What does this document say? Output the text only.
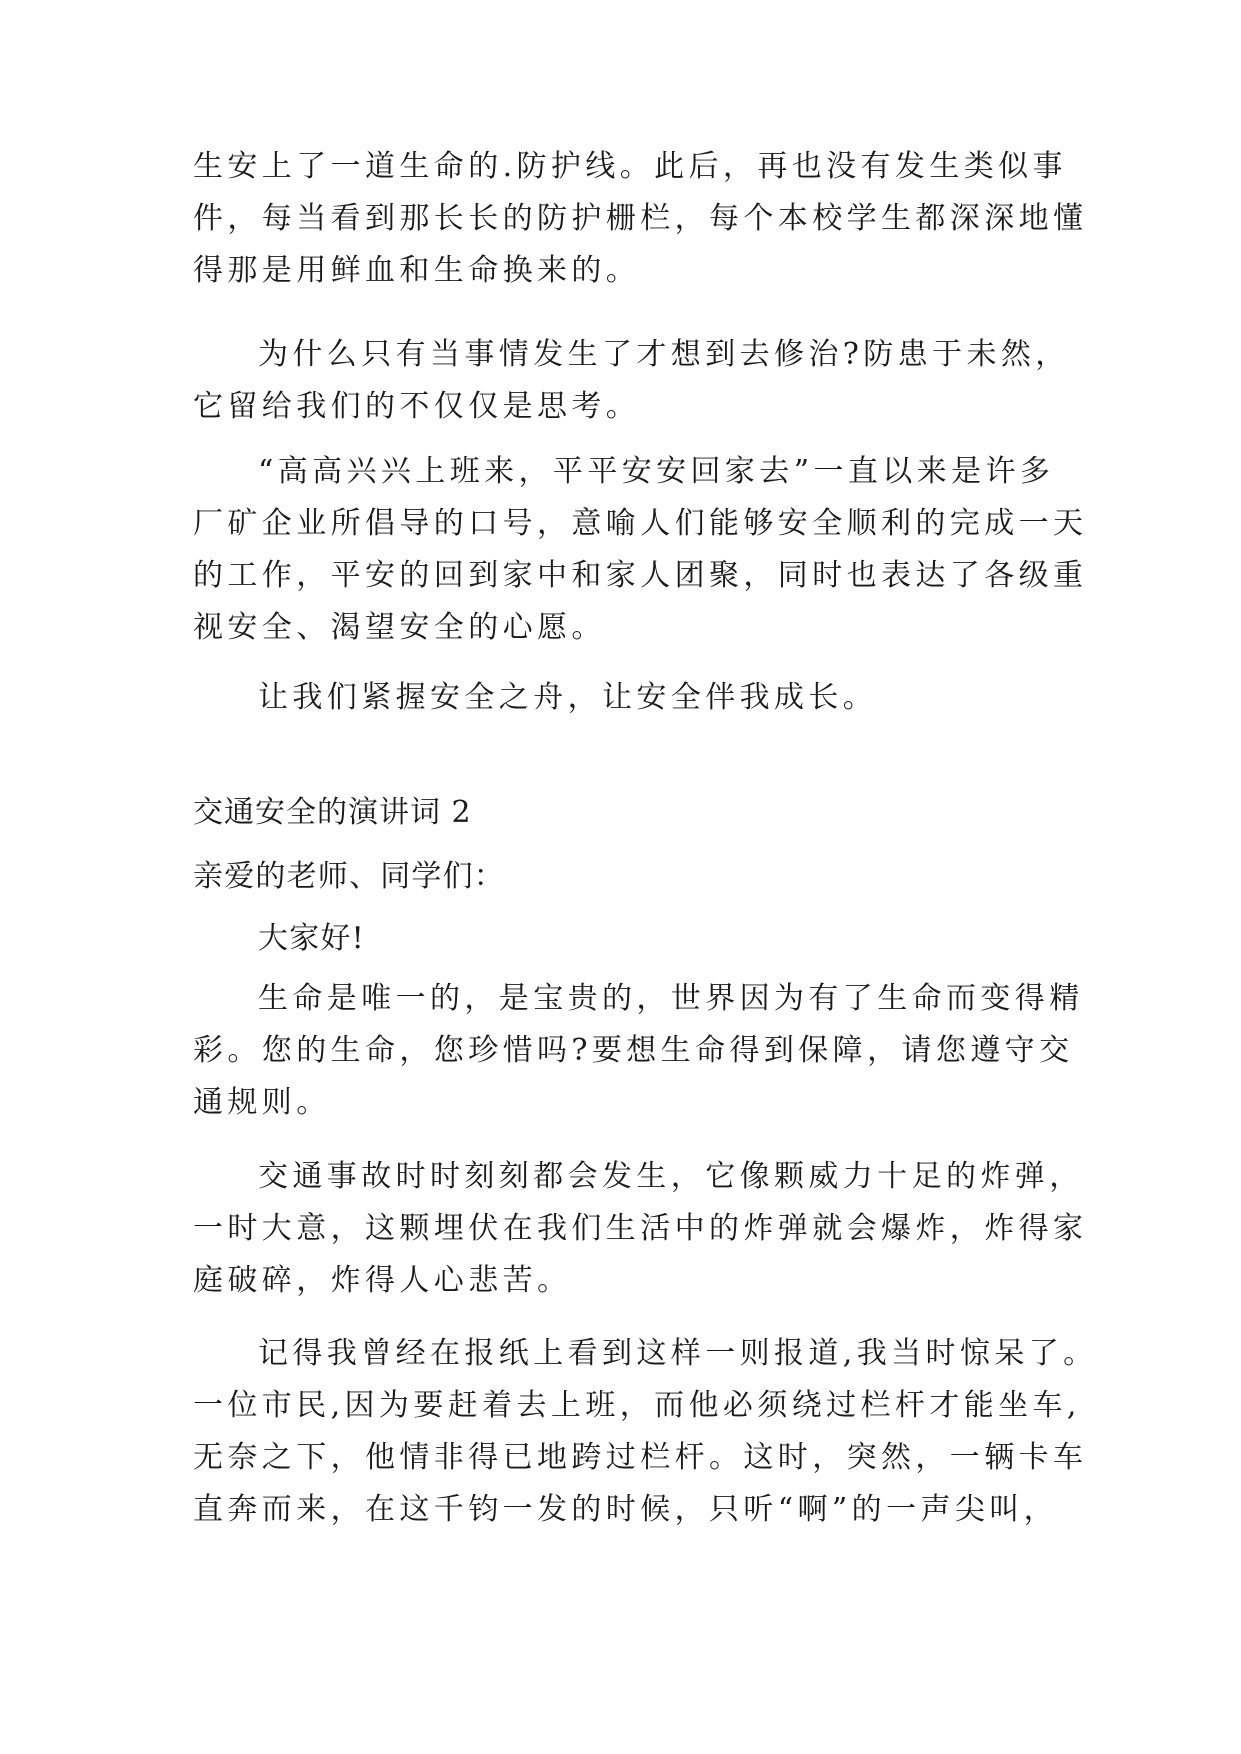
生安上了一道生命的.防护线。此后，再也没有发生类似事
件，每当看到那长长的防护栅栏，每个本校学生都深深地懂
得那是用鲜血和生命换来的。
为什么只有当事情发生了才想到去修治?防患于未然，
它留给我们的不仅仅是思考。
“高高兴兴上班来，平平安安回家去”一直以来是许多
厂矿企业所倡导的口号，意喻人们能够安全顺利的完成一天
的工作，平安的回到家中和家人团聚，同时也表达了各级重
视安全、渴望安全的心愿。
让我们紧握安全之舟，让安全伴我成长。
交通安全的演讲词 2
亲爱的老师、同学们：
大家好!
生命是唯一的，是宝贵的，世界因为有了生命而变得精
彩。您的生命，您珍惜吗?要想生命得到保障，请您遵守交
通规则。
交通事故时时刻刻都会发生，它像颗威力十足的炸弹，
一时大意，这颗埋伏在我们生活中的炸弹就会爆炸，炸得家
庭破碎，炸得人心悲苦。
记得我曾经在报纸上看到这样一则报道,我当时惊呆了。
一位市民,因为要赶着去上班，而他必须绕过栏杆才能坐车,
无奈之下，他情非得已地跨过栏杆。这时，突然，一辆卡车
直奔而来，在这千钧一发的时候，只听“啊”的一声尖叫，
